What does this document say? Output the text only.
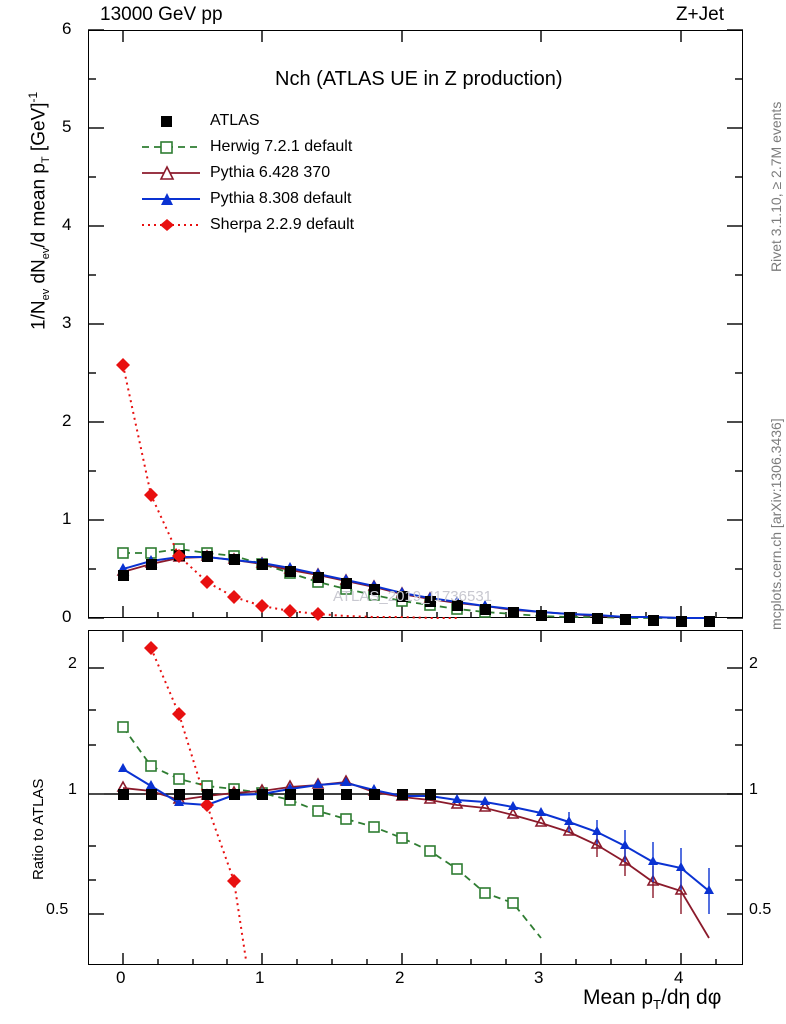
13000 GeV pp	Z+Jet
Rivet 3.1.10, ≥ 2.7M events
mcplots.cern.ch [arXiv:1306.3436]
$1/N_{ev}$ $dN_{ev}/d$ mean $p_T$ [GeV]$^{-1}$
Ratio to ATLAS
0
1
2
3
4
5
6
0.5
1
2
0.5
1
2
0	1	2	3	4
Mean $p_T/d\eta$ dφ
Nch (ATLAS UE in Z production)
ATLAS_2019_I1736531
ATLAS
Herwig 7.2.1 default
Pythia 6.428 370
Pythia 8.308 default
Sherpa 2.2.9 default
